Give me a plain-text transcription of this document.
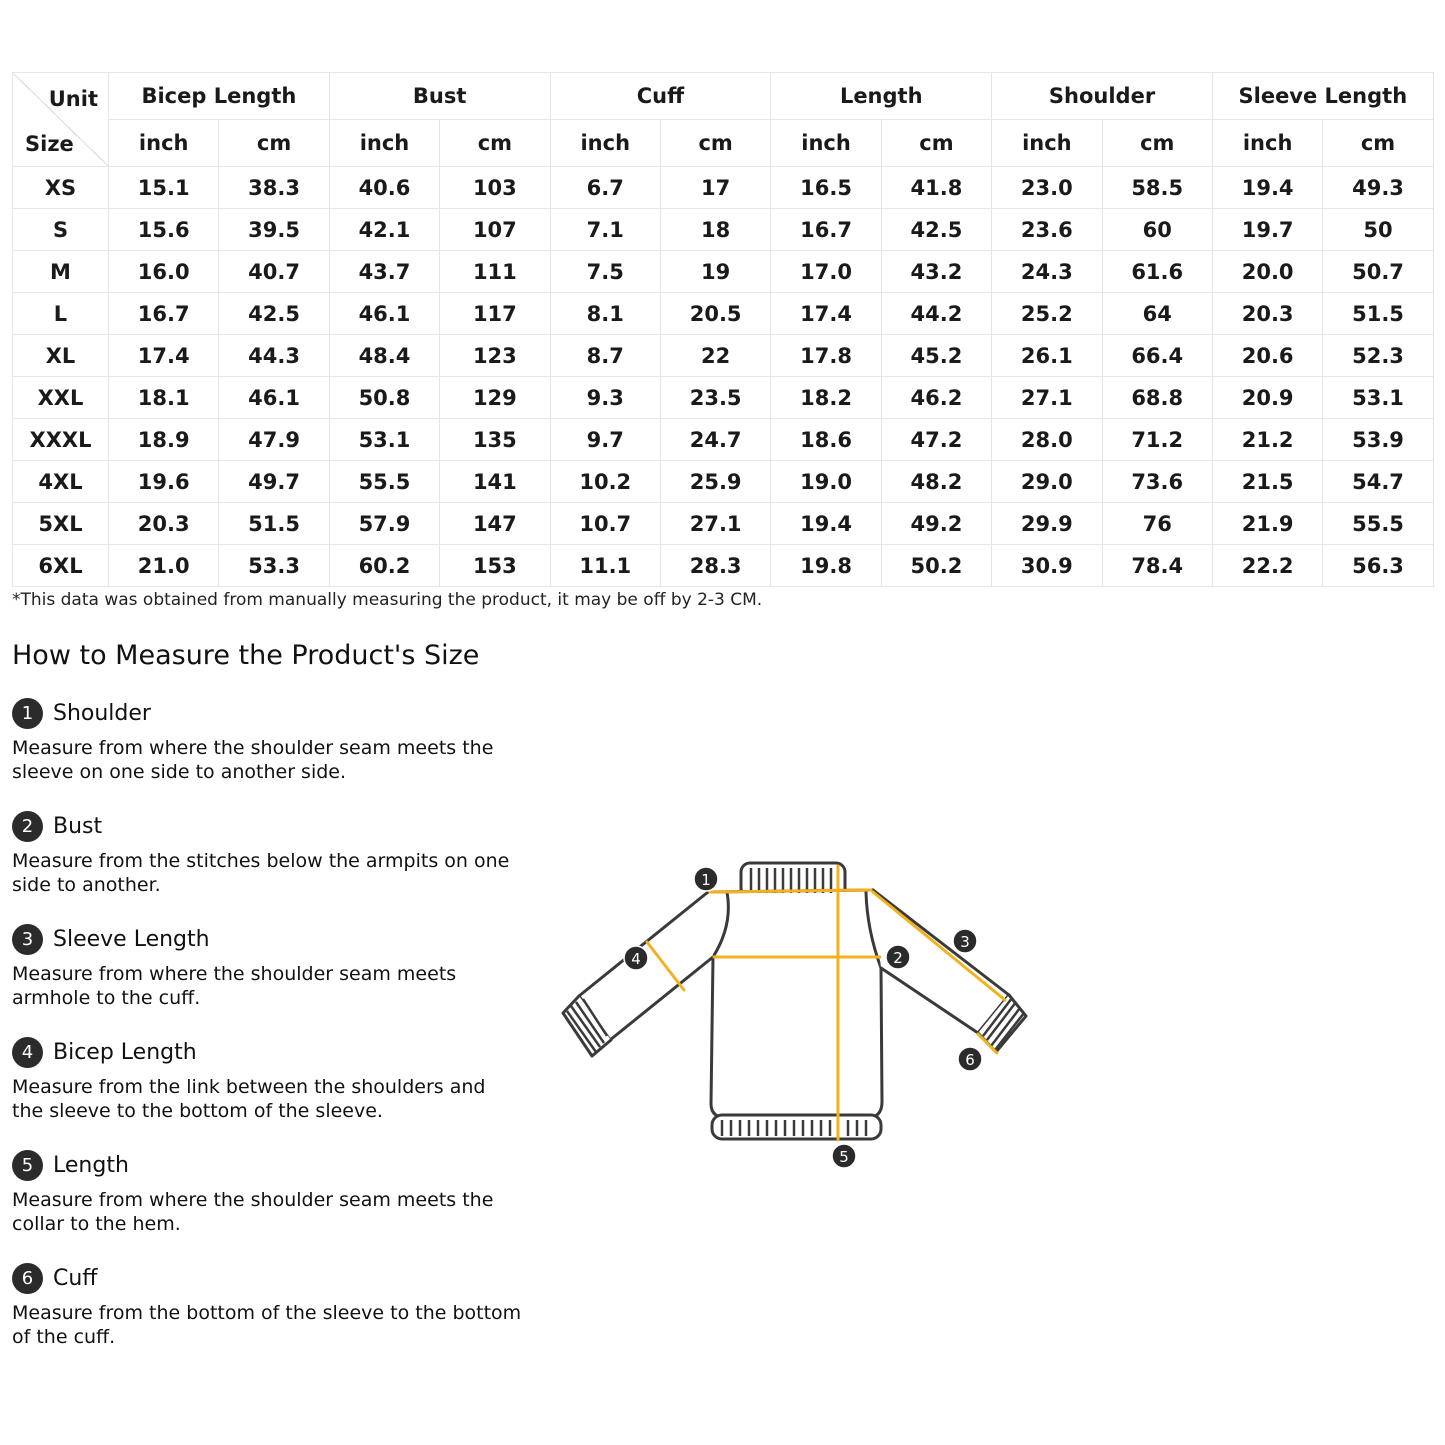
Unit
Size	Bicep Length		Bust		Cuff		Length		Shoulder		Sleeve Length	
	inch	cm	inch	cm	inch	cm	inch	cm	inch	cm	inch	cm
XS	15.1	38.3	40.6	103	6.7	17	16.5	41.8	23.0	58.5	19.4	49.3
S	15.6	39.5	42.1	107	7.1	18	16.7	42.5	23.6	60	19.7	50
M	16.0	40.7	43.7	111	7.5	19	17.0	43.2	24.3	61.6	20.0	50.7
L	16.7	42.5	46.1	117	8.1	20.5	17.4	44.2	25.2	64	20.3	51.5
XL	17.4	44.3	48.4	123	8.7	22	17.8	45.2	26.1	66.4	20.6	52.3
XXL	18.1	46.1	50.8	129	9.3	23.5	18.2	46.2	27.1	68.8	20.9	53.1
XXXL	18.9	47.9	53.1	135	9.7	24.7	18.6	47.2	28.0	71.2	21.2	53.9
4XL	19.6	49.7	55.5	141	10.2	25.9	19.0	48.2	29.0	73.6	21.5	54.7
5XL	20.3	51.5	57.9	147	10.7	27.1	19.4	49.2	29.9	76	21.9	55.5
6XL	21.0	53.3	60.2	153	11.1	28.3	19.8	50.2	30.9	78.4	22.2	56.3
*This data was obtained from manually measuring the product, it may be off by 2-3 CM.
How to Measure the Product's Size
1 Shoulder
Measure from where the shoulder seam meets the sleeve on one side to another side.
2 Bust
Measure from the stitches below the armpits on one side to another.
3 Sleeve Length
Measure from where the shoulder seam meets armhole to the cuff.
4 Bicep Length
Measure from the link between the shoulders and the sleeve to the bottom of the sleeve.
5 Length
Measure from where the shoulder seam meets the collar to the hem.
6 Cuff
Measure from the bottom of the sleeve to the bottom of the cuff.
1
2
3
4
5
6
